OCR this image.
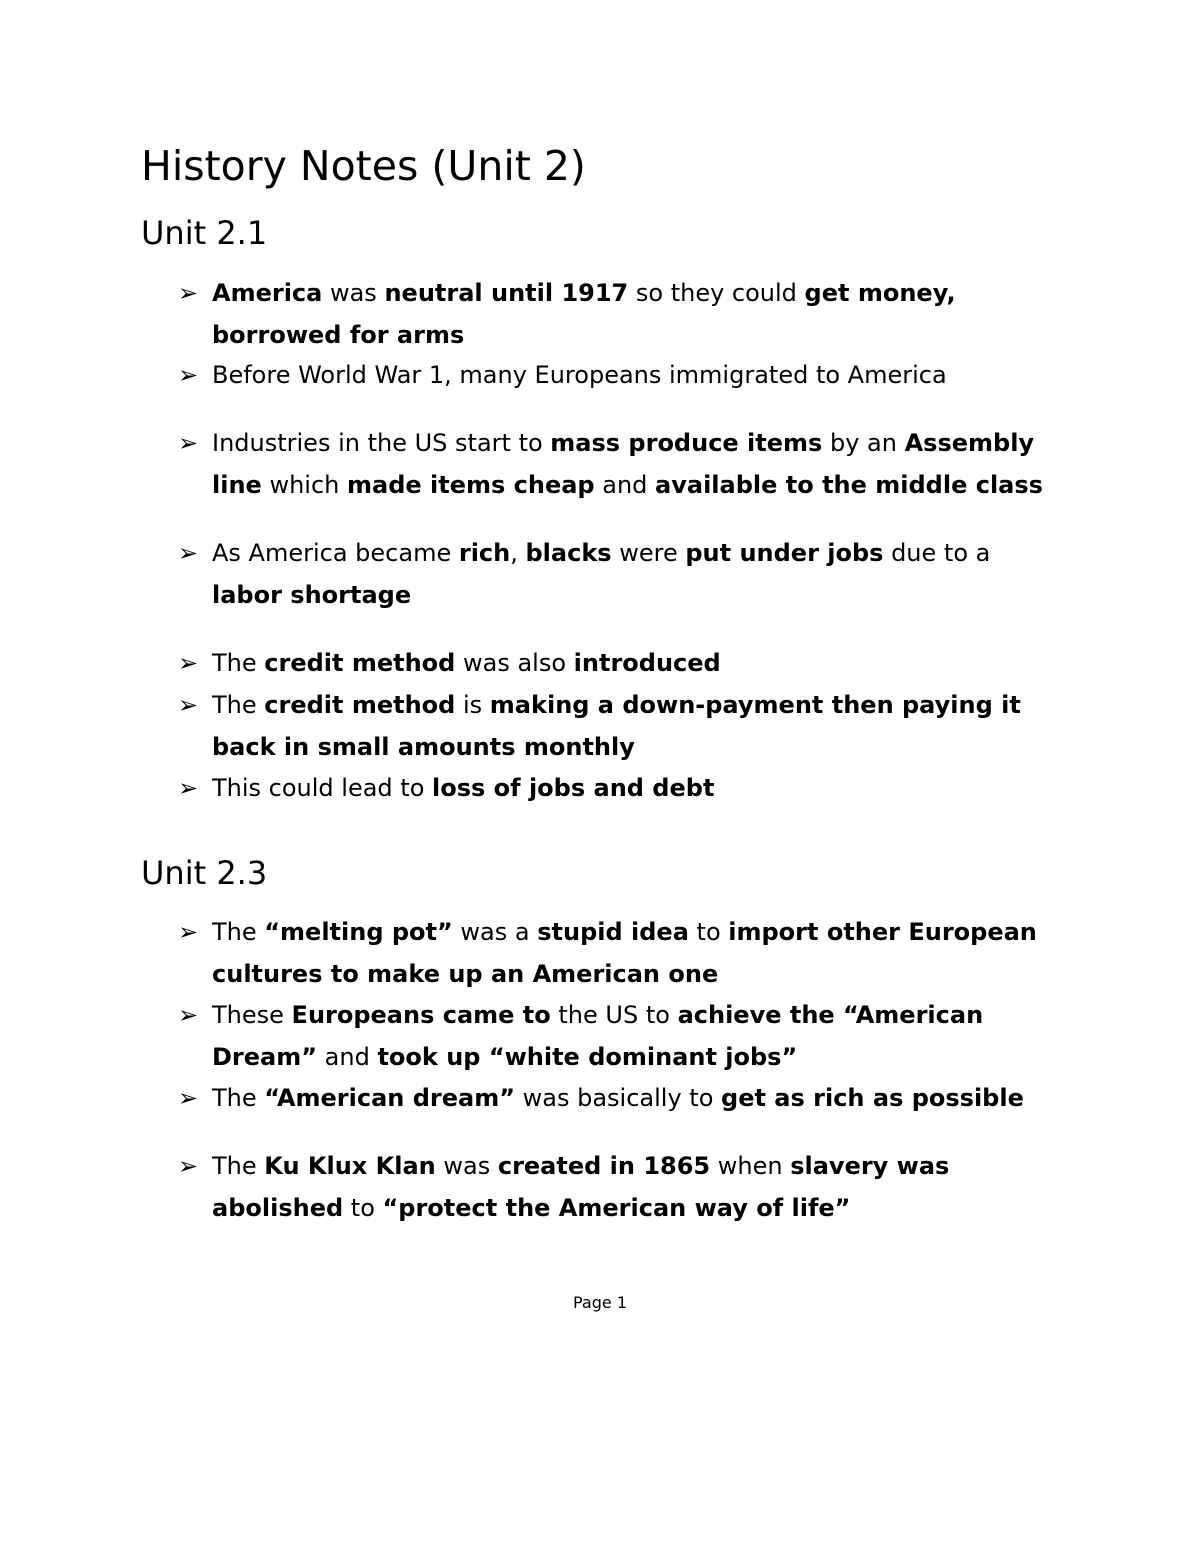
History Notes (Unit 2)
Unit 2.1
➢ America was neutral until 1917 so they could get money, borrowed for arms
➢ Before World War 1, many Europeans immigrated to America
➢ Industries in the US start to mass produce items by an Assembly line which made items cheap and available to the middle class
➢ As America became rich, blacks were put under jobs due to a labor shortage
➢ The credit method was also introduced
➢ The credit method is making a down-payment then paying it back in small amounts monthly
➢ This could lead to loss of jobs and debt
Unit 2.3
➢ The “melting pot” was a stupid idea to import other European cultures to make up an American one
➢ These Europeans came to the US to achieve the “American Dream” and took up “white dominant jobs”
➢ The “American dream” was basically to get as rich as possible
➢ The Ku Klux Klan was created in 1865 when slavery was abolished to “protect the American way of life”
Page 1
